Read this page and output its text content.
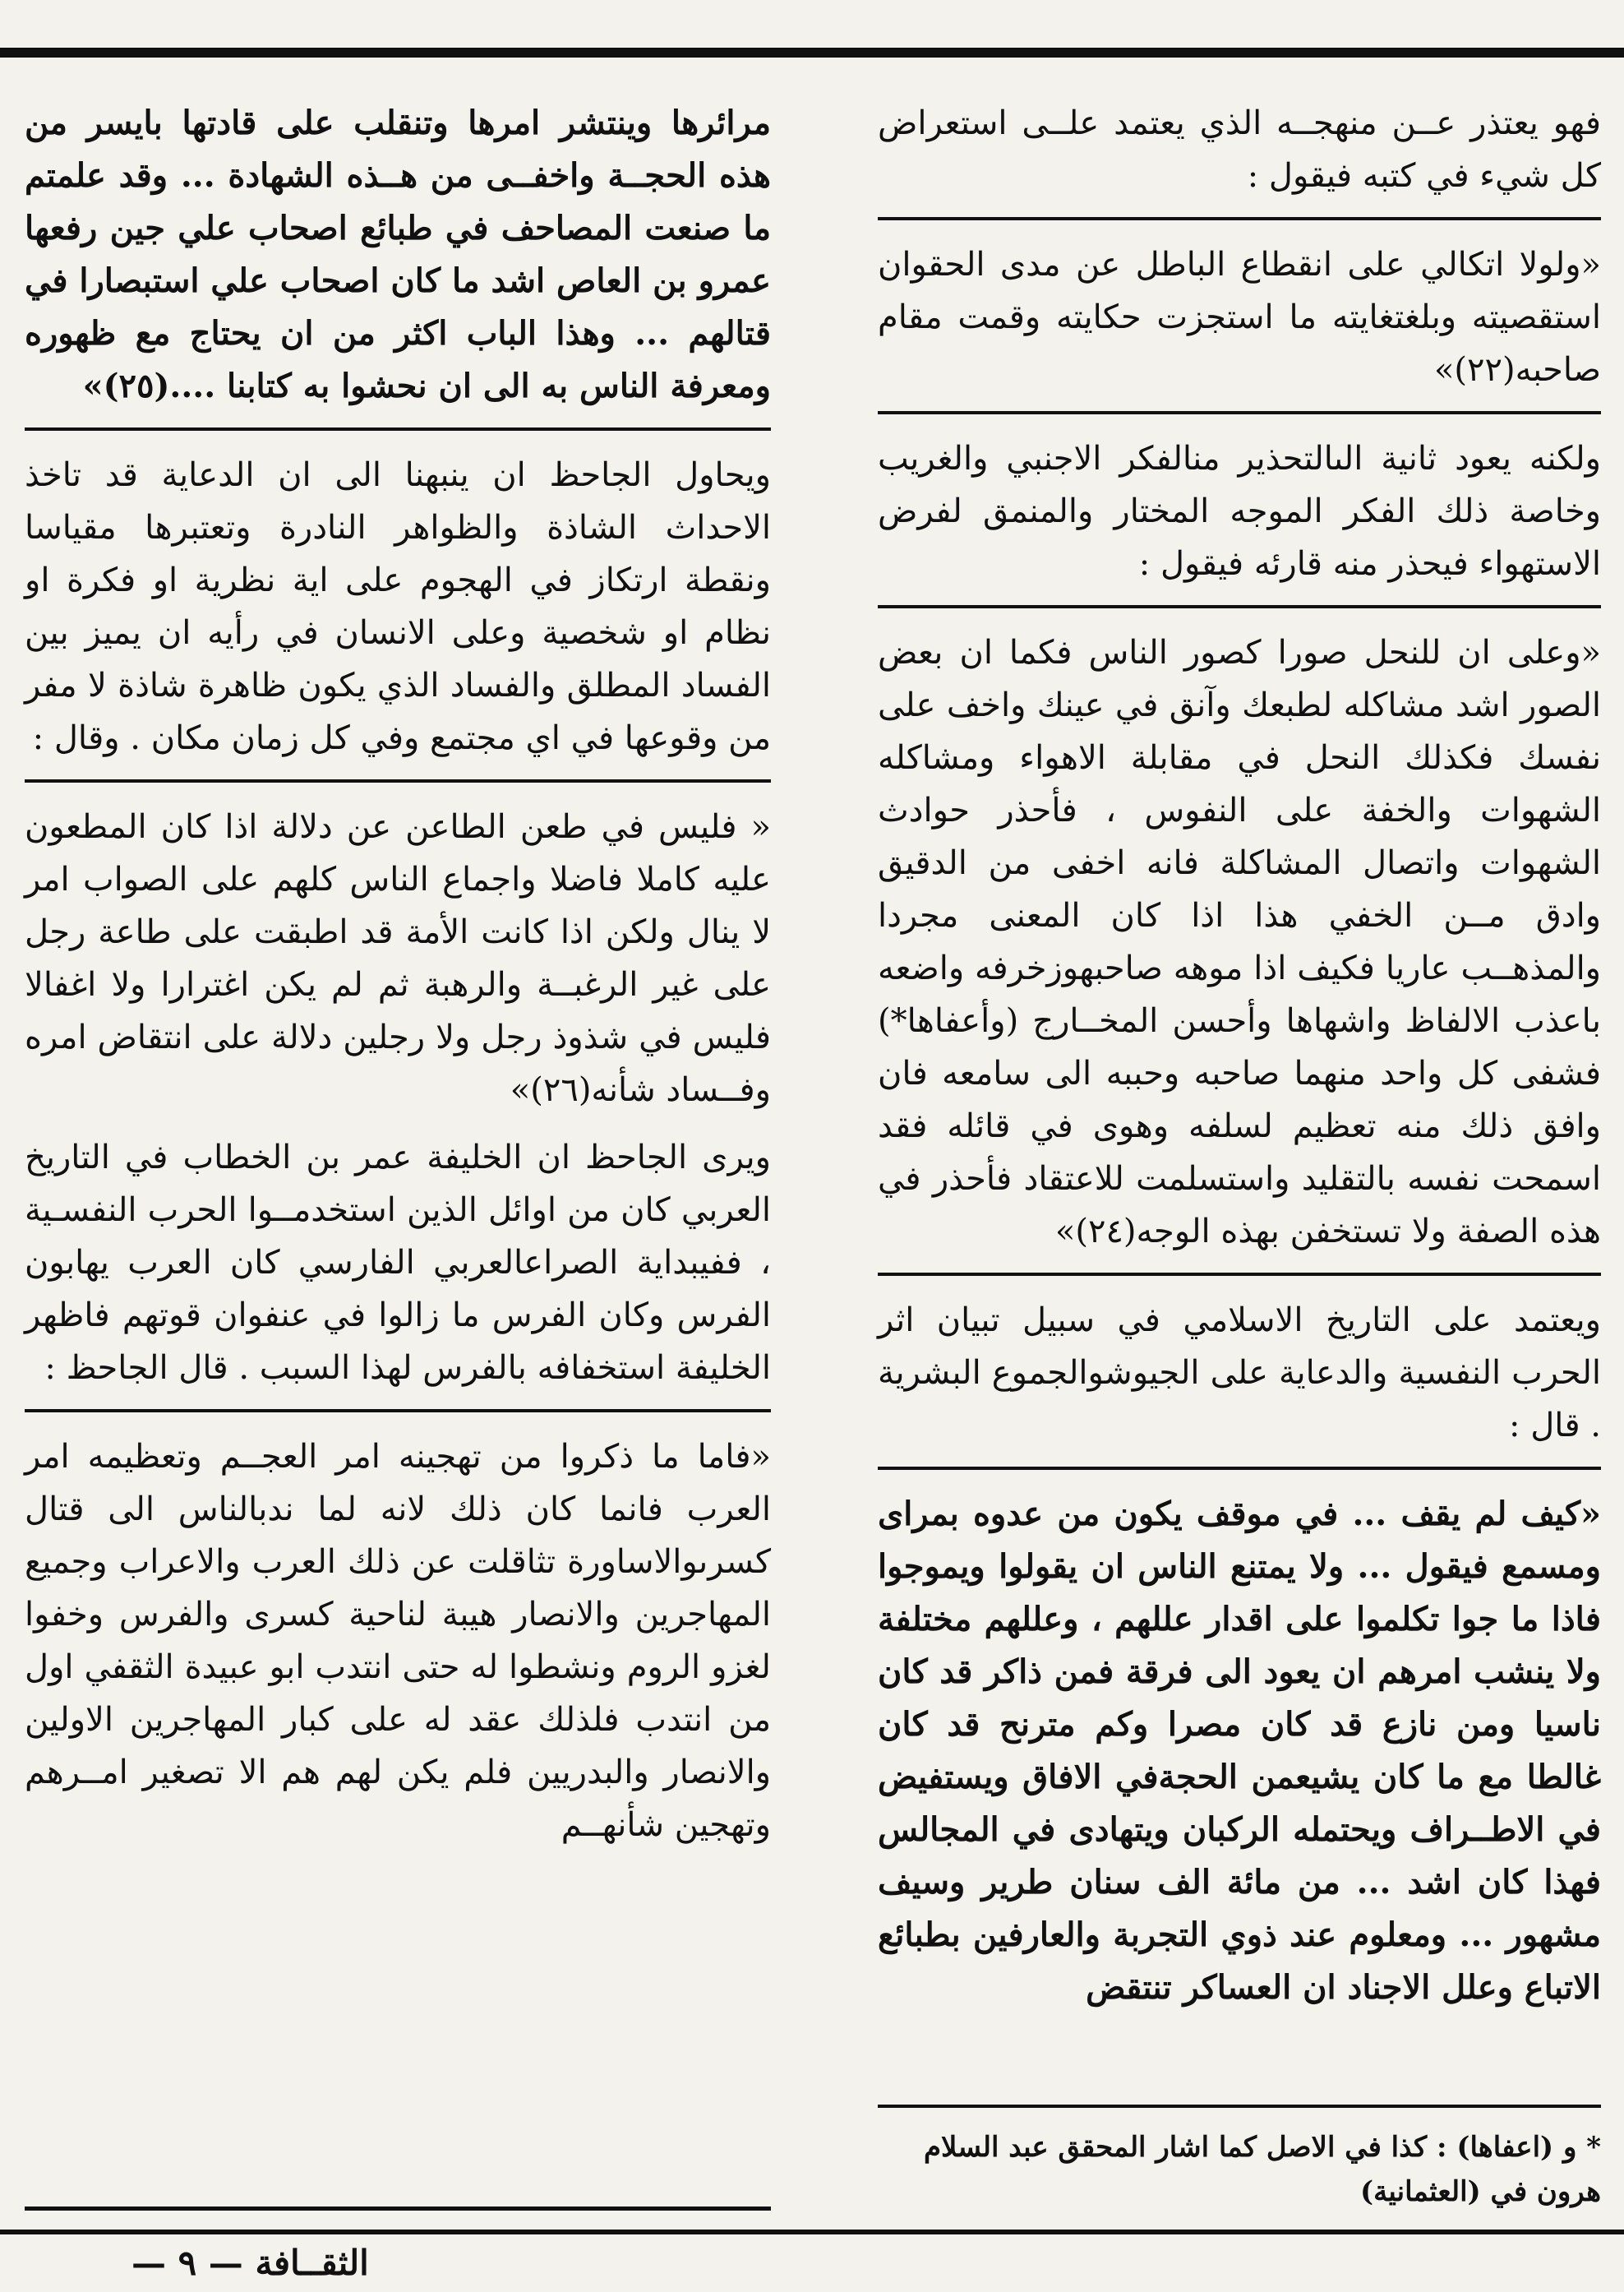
فهو يعتذر عــن منهجــه الذي يعتمد علــى استعراض كل شيء في كتبه فيقول :

«ولولا اتكالي على انقطاع الباطل عن مدى الحقوان استقصيته وبلغتغايته ما استجزت حكايته وقمت مقام صاحبه(٢٢)»

ولكنه يعود ثانية الىالتحذير منالفكر الاجنبي والغريب وخاصة ذلك الفكر الموجه المختار والمنمق لفرض الاستهواء فيحذر منه قارئه فيقول :

«وعلى ان للنحل صورا كصور الناس فكما ان بعض الصور اشد مشاكله لطبعك وآنق في عينك واخف على نفسك فكذلك النحل في مقابلة الاهواء ومشاكله الشهوات والخفة على النفوس ، فأحذر حوادث الشهوات واتصال المشاكلة فانه اخفى من الدقيق وادق مــن الخفي هذا اذا كان المعنى مجردا والمذهــب عاريا فكيف اذا موهه صاحبهوزخرفه واضعه باعذب الالفاظ واشهاها وأحسن المخــارج (وأعفاها*) فشفى كل واحد منهما صاحبه وحببه الى سامعه فان وافق ذلك منه تعظيم لسلفه وهوى في قائله فقد اسمحت نفسه بالتقليد واستسلمت للاعتقاد فأحذر في هذه الصفة ولا تستخفن بهذه الوجه(٢٤)»

ويعتمد على التاريخ الاسلامي في سبيل تبيان اثر الحرب النفسية والدعاية على الجيوشوالجموع البشرية . قال :

«كيف لم يقف ... في موقف يكون من عدوه بمراى ومسمع فيقول ... ولا يمتنع الناس ان يقولوا ويموجوا فاذا ما جوا تكلموا على اقدار عللهم ، وعللهم مختلفة ولا ينشب امرهم ان يعود الى فرقة فمن ذاكر قد كان ناسيا ومن نازع قد كان مصرا وكم مترنح قد كان غالطا مع ما كان يشيعمن الحجةفي الافاق ويستفيض في الاطــراف ويحتمله الركبان ويتهادى في المجالس فهذا كان اشد ... من مائة الف سنان طرير وسيف مشهور ... ومعلوم عند ذوي التجربة والعارفين بطبائع الاتباع وعلل الاجناد ان العساكر تنتقض

مرائرها وينتشر امرها وتنقلب على قادتها بايسر من هذه الحجــة واخفــى من هــذه الشهادة ... وقد علمتم ما صنعت المصاحف في طبائع اصحاب علي جين رفعها عمرو بن العاص اشد ما كان اصحاب علي استبصارا في قتالهم ... وهذا الباب اكثر من ان يحتاج مع ظهوره ومعرفة الناس به الى ان نحشوا به كتابنا ....(٢٥)»

ويحاول الجاحظ ان ينبهنا الى ان الدعاية قد تاخذ الاحداث الشاذة والظواهر النادرة وتعتبرها مقياسا ونقطة ارتكاز في الهجوم على اية نظرية او فكرة او نظام او شخصية وعلى الانسان في رأيه ان يميز بين الفساد المطلق والفساد الذي يكون ظاهرة شاذة لا مفر من وقوعها في اي مجتمع وفي كل زمان مكان . وقال :

« فليس في طعن الطاعن عن دلالة اذا كان المطعون عليه كاملا فاضلا واجماع الناس كلهم على الصواب امر لا ينال ولكن اذا كانت الأمة قد اطبقت على طاعة رجل على غير الرغبــة والرهبة ثم لم يكن اغترارا ولا اغفالا فليس في شذوذ رجل ولا رجلين دلالة على انتقاض امره وفــساد شأنه(٢٦)»

ويرى الجاحظ ان الخليفة عمر بن الخطاب في التاريخ العربي كان من اوائل الذين استخدمــوا الحرب النفسـية ، ففيبداية الصراعالعربي الفارسي كان العرب يهابون الفرس وكان الفرس ما زالوا في عنفوان قوتهم فاظهر الخليفة استخفافه بالفرس لهذا السبب . قال الجاحظ :

«فاما ما ذكروا من تهجينه امر العجــم وتعظيمه امر العرب فانما كان ذلك لانه لما ندبالناس الى قتال كسرىوالاساورة تثاقلت عن ذلك العرب والاعراب وجميع المهاجرين والانصار هيبة لناحية كسرى والفرس وخفوا لغزو الروم ونشطوا له حتى انتدب ابو عبيدة الثقفي اول من انتدب فلذلك عقد له على كبار المهاجرين الاولين والانصار والبدريين فلم يكن لهم هم الا تصغير امــرهم وتهجين شأنهــم

* و (اعفاها) : كذا في الاصل كما اشار المحقق عبد السلام هرون في (العثمانية)
الثقــافة — ٩ —
